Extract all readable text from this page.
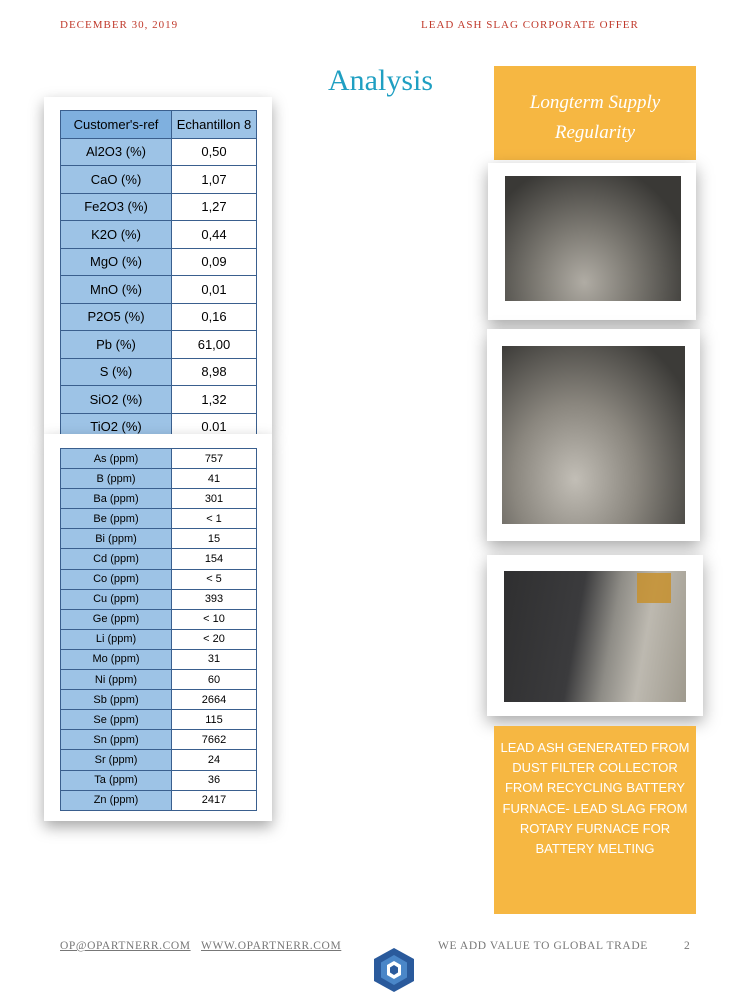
DECEMBER 30, 2019	LEAD ASH SLAG CORPORATE OFFER
Analysis
Customer's-ref	Echantillon 8
Al2O3 (%)	0,50
CaO (%)	1,07
Fe2O3 (%)	1,27
K2O (%)	0,44
MgO (%)	0,09
MnO (%)	0,01
P2O5 (%)	0,16
Pb (%)	61,00
S (%)	8,98
SiO2 (%)	1,32
TiO2 (%)	0.01
As (ppm)	757
B (ppm)	41
Ba (ppm)	301
Be (ppm)	< 1
Bi (ppm)	15
Cd (ppm)	154
Co (ppm)	< 5
Cu (ppm)	393
Ge (ppm)	< 10
Li (ppm)	< 20
Mo (ppm)	31
Ni (ppm)	60
Sb (ppm)	2664
Se (ppm)	115
Sn (ppm)	7662
Sr (ppm)	24
Ta (ppm)	36
Zn (ppm)	2417
Longterm Supply
Regularity
LEAD ASH GENERATED FROM DUST FILTER COLLECTOR FROM RECYCLING BATTERY FURNACE- LEAD SLAG FROM ROTARY FURNACE FOR BATTERY MELTING
OP@OPARTNERR.COM WWW.OPARTNERR.COM	WE ADD VALUE TO GLOBAL TRADE	2
